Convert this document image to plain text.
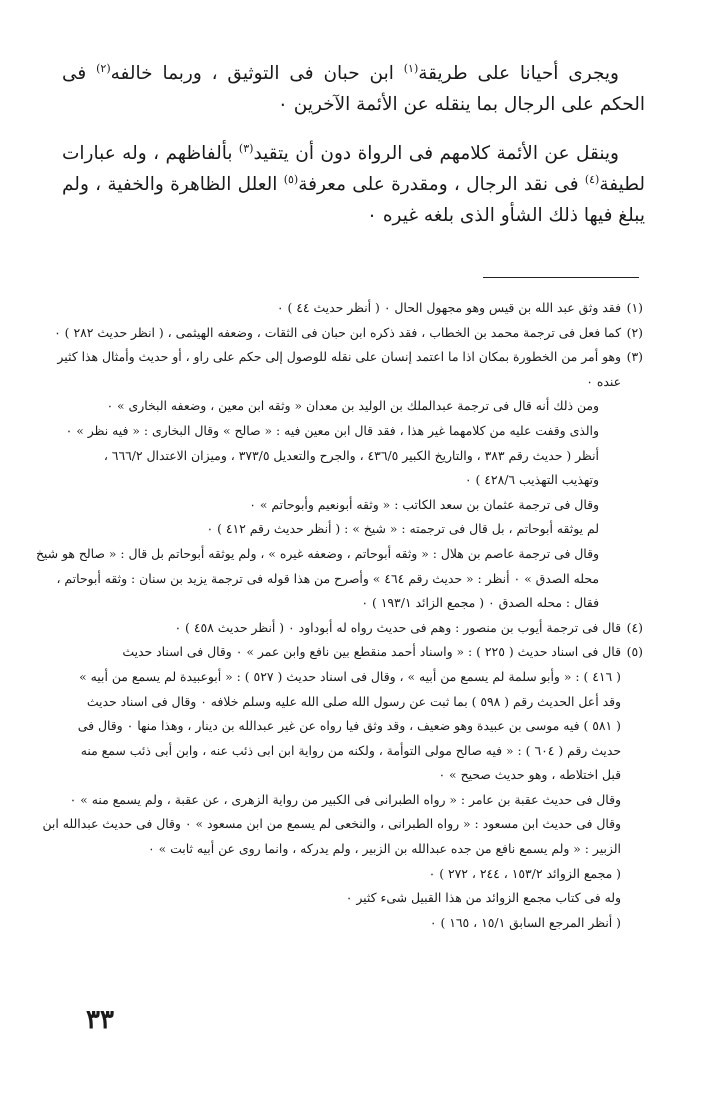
ويجرى أحيانا على طريقة$^{(١)}$ ابن حبان فى التوثيق ، وربما خالفه$^{(٢)}$ فى الحكم على الرجال بما ينقله عن الأئمة الآخرين ٠

وينقل عن الأئمة كلامهم فى الرواة دون أن يتقيد$^{(٣)}$ بألفاظهم ، وله عبارات لطيفة$^{(٤)}$ فى نقد الرجال ، ومقدرة على معرفة$^{(٥)}$ العلل الظاهرة والخفية ، ولم يبلغ فيها ذلك الشأو الذى بلغه غيره ٠

(١)
فقد وثق عبد الله بن قيس وهو مجهول الحال ٠ ( أنظر حديث ٤٤ ) ٠
(٢)
كما فعل فى ترجمة محمد بن الخطاب ، فقد ذكره ابن حبان فى الثقات ، وضعفه الهيثمى ، ( انظر حديث ٢٨٢ ) ٠
(٣)
وهو أمر من الخطورة بمكان اذا ما اعتمد إنسان على نقله للوصول إلى حكم على راو ، أو حديث وأمثال هذا كثير
عنده ٠
ومن ذلك أنه قال فى ترجمة عبدالملك بن الوليد بن معدان « وثقه ابن معين ، وضعفه البخارى » ٠
والذى وقفت عليه من كلامهما غير هذا ، فقد قال ابن معين فيه : « صالح » وقال البخارى : « فيه نظر » ٠
أنظر ( حديث رقم ٣٨٣ ، والتاريخ الكبير ٤٣٦/٥ ، والجرح والتعديل ٣٧٣/٥ ، وميزان الاعتدال ٦٦٦/٢ ،
وتهذيب التهذيب ٤٢٨/٦ ) ٠
وقال فى ترجمة عثمان بن سعد الكاتب : « وثقه أبونعيم وأبوحاتم » ٠
لم يوثقه أبوحاتم ، بل قال فى ترجمته : « شيخ » : ( أنظر حديث رقم ٤١٢ ) ٠
وقال فى ترجمة عاصم بن هلال : « وثقه أبوحاتم ، وضعفه غيره » ، ولم يوثقه أبوحاتم بل قال : « صالح هو شيخ
محله الصدق » ٠ أنظر : « حديث رقم ٤٦٤ » وأصرح من هذا قوله فى ترجمة يزيد بن سنان : وثقه أبوحاتم ،
فقال : محله الصدق ٠ ( مجمع الزائد ١٩٣/١ ) ٠
(٤)
قال فى ترجمة أيوب بن منصور : وهم فى حديث رواه له أبوداود ٠ ( أنظر حديث ٤٥٨ ) ٠
(٥)
قال فى اسناد حديث ( ٢٢٥ ) : « واسناد أحمد منقطع بين نافع وابن عمر » ٠ وقال فى اسناد حديث
( ٤١٦ ) : « وأبو سلمة لم يسمع من أبيه » ، وقال فى اسناد حديث ( ٥٢٧ ) : « أبوعبيدة لم يسمع من أبيه »
وقد أعل الحديث رقم ( ٥٩٨ ) بما ثبت عن رسول الله صلى الله عليه وسلم خلافه ٠ وقال فى اسناد حديث
( ٥٨١ ) فيه موسى بن عبيدة وهو ضعيف ، وقد وثق فيا رواه عن غير عبدالله بن دينار ، وهذا منها ٠ وقال فى
حديث رقم ( ٦٠٤ ) : « فيه صالح مولى التوأمة ، ولكنه من رواية ابن ابى ذئب عنه ، وابن أبى ذئب سمع منه
قبل اختلاطه ، وهو حديث صحيح » ٠
وقال فى حديث عقبة بن عامر : « رواه الطبرانى فى الكبير من رواية الزهرى ، عن عقبة ، ولم يسمع منه » ٠
وقال فى حديث ابن مسعود : « رواه الطبرانى ، والنخعى لم يسمع من ابن مسعود » ٠ وقال فى حديث عبدالله ابن
الزبير : « ولم يسمع نافع من جده عبدالله بن الزبير ، ولم يدركه ، وانما روى عن أبيه ثابت » ٠
( مجمع الزوائد ١٥٣/٢ ، ٢٤٤ ، ٢٧٢ ) ٠
وله فى كتاب مجمع الزوائد من هذا القبيل شىء كثير ٠
( أنظر المرجع السابق ١٥/١ ، ١٦٥ ) ٠
٣٣
